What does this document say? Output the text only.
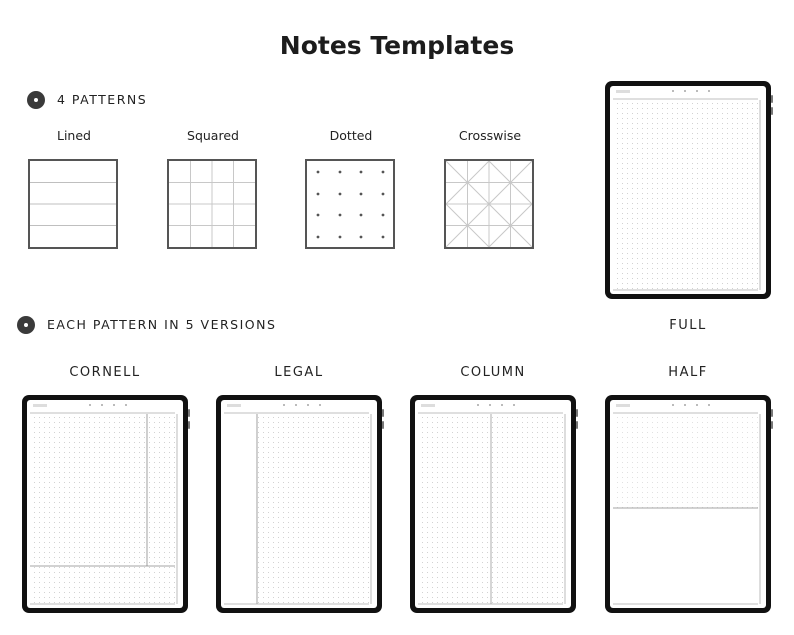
Notes Templates
4 PATTERNS
Lined	Squared	Dotted	Crosswise
EACH PATTERN IN 5 VERSIONS	FULL
CORNELL	LEGAL	COLUMN	HALF
